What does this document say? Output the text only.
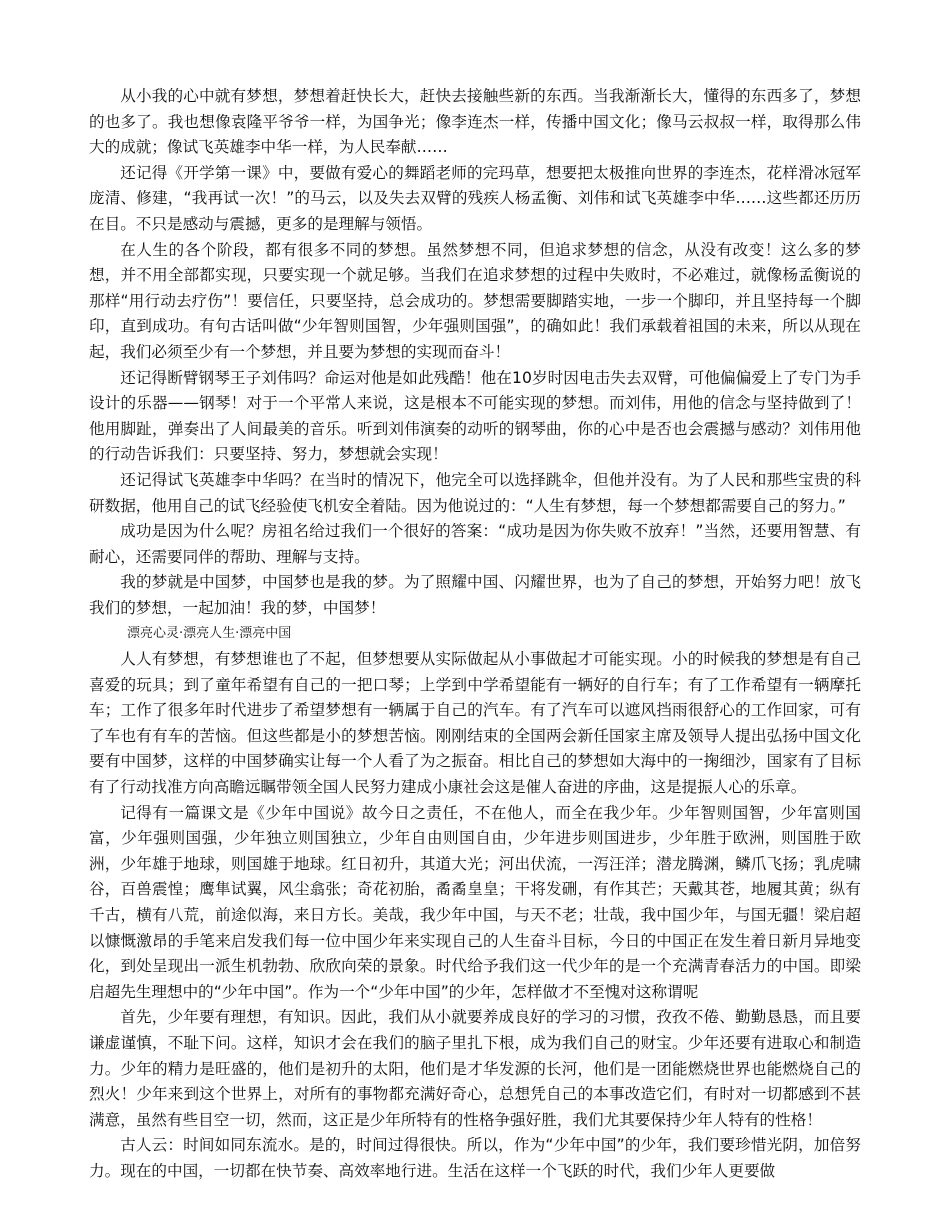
从小我的心中就有梦想，梦想着赶快长大，赶快去接触些新的东西。当我渐渐长大，懂得的东西多了，梦想的也多了。我也想像袁隆平爷爷一样，为国争光；像李连杰一样，传播中国文化；像马云叔叔一样，取得那么伟大的成就；像试飞英雄李中华一样，为人民奉献……

还记得《开学第一课》中，要做有爱心的舞蹈老师的完玛草，想要把太极推向世界的李连杰，花样滑冰冠军庞清、修建，“我再试一次！”的马云，以及失去双臂的残疾人杨孟衡、刘伟和试飞英雄李中华……这些都还历历在目。不只是感动与震撼，更多的是理解与领悟。

在人生的各个阶段，都有很多不同的梦想。虽然梦想不同，但追求梦想的信念，从没有改变！这么多的梦想，并不用全部都实现，只要实现一个就足够。当我们在追求梦想的过程中失败时，不必难过，就像杨孟衡说的那样“用行动去疗伤”！要信任，只要坚持，总会成功的。梦想需要脚踏实地，一步一个脚印，并且坚持每一个脚印，直到成功。有句古话叫做“少年智则国智，少年强则国强”，的确如此！我们承载着祖国的未来，所以从现在起，我们必须至少有一个梦想，并且要为梦想的实现而奋斗！

还记得断臂钢琴王子刘伟吗？命运对他是如此残酷！他在10岁时因电击失去双臂，可他偏偏爱上了专门为手设计的乐器——钢琴！对于一个平常人来说，这是根本不可能实现的梦想。而刘伟，用他的信念与坚持做到了！他用脚趾，弹奏出了人间最美的音乐。听到刘伟演奏的动听的钢琴曲，你的心中是否也会震撼与感动？刘伟用他的行动告诉我们：只要坚持、努力，梦想就会实现！

还记得试飞英雄李中华吗？在当时的情况下，他完全可以选择跳伞，但他并没有。为了人民和那些宝贵的科研数据，他用自己的试飞经验使飞机安全着陆。因为他说过的：“人生有梦想，每一个梦想都需要自己的努力。”

成功是因为什么呢？房祖名给过我们一个很好的答案：“成功是因为你失败不放弃！”当然，还要用智慧、有耐心，还需要同伴的帮助、理解与支持。

我的梦就是中国梦，中国梦也是我的梦。为了照耀中国、闪耀世界，也为了自己的梦想，开始努力吧！放飞我们的梦想，一起加油！我的梦，中国梦！

漂亮心灵·漂亮人生·漂亮中国

人人有梦想，有梦想谁也了不起，但梦想要从实际做起从小事做起才可能实现。小的时候我的梦想是有自己喜爱的玩具；到了童年希望有自己的一把口琴；上学到中学希望能有一辆好的自行车；有了工作希望有一辆摩托车；工作了很多年时代进步了希望梦想有一辆属于自己的汽车。有了汽车可以遮风挡雨很舒心的工作回家，可有了车也有有车的苦恼。但这些都是小的梦想苦恼。刚刚结束的全国两会新任国家主席及领导人提出弘扬中国文化要有中国梦，这样的中国梦确实让每一个人看了为之振奋。相比自己的梦想如大海中的一掬细沙，国家有了目标有了行动找准方向高瞻远瞩带领全国人民努力建成小康社会这是催人奋进的序曲，这是提振人心的乐章。

记得有一篇课文是《少年中国说》故今日之责任，不在他人，而全在我少年。少年智则国智，少年富则国富，少年强则国强，少年独立则国独立，少年自由则国自由，少年进步则国进步，少年胜于欧洲，则国胜于欧洲，少年雄于地球，则国雄于地球。红日初升，其道大光；河出伏流，一泻汪洋；潜龙腾渊，鳞爪飞扬；乳虎啸谷，百兽震惶；鹰隼试翼，风尘翕张；奇花初胎，矞矞皇皇；干将发硎，有作其芒；天戴其苍，地履其黄；纵有千古，横有八荒，前途似海，来日方长。美哉，我少年中国，与天不老；壮哉，我中国少年，与国无疆！梁启超以慷慨激昂的手笔来启发我们每一位中国少年来实现自己的人生奋斗目标，今日的中国正在发生着日新月异地变化，到处呈现出一派生机勃勃、欣欣向荣的景象。时代给予我们这一代少年的是一个充满青春活力的中国。即梁启超先生理想中的“少年中国”。作为一个“少年中国”的少年，怎样做才不至愧对这称谓呢

首先，少年要有理想，有知识。因此，我们从小就要养成良好的学习的习惯，孜孜不倦、勤勤恳恳，而且要谦虚谨慎，不耻下问。这样，知识才会在我们的脑子里扎下根，成为我们自己的财宝。少年还要有进取心和制造力。少年的精力是旺盛的，他们是初升的太阳，他们是才华发源的长河，他们是一团能燃烧世界也能燃烧自己的烈火！少年来到这个世界上，对所有的事物都充满好奇心，总想凭自己的本事改造它们，有时对一切都感到不甚满意，虽然有些目空一切，然而，这正是少年所特有的性格争强好胜，我们尤其要保持少年人特有的性格！

古人云：时间如同东流水。是的，时间过得很快。所以，作为“少年中国”的少年，我们要珍惜光阴，加倍努力。现在的中国，一切都在快节奏、高效率地行进。生活在这样一个飞跃的时代，我们少年人更要做
